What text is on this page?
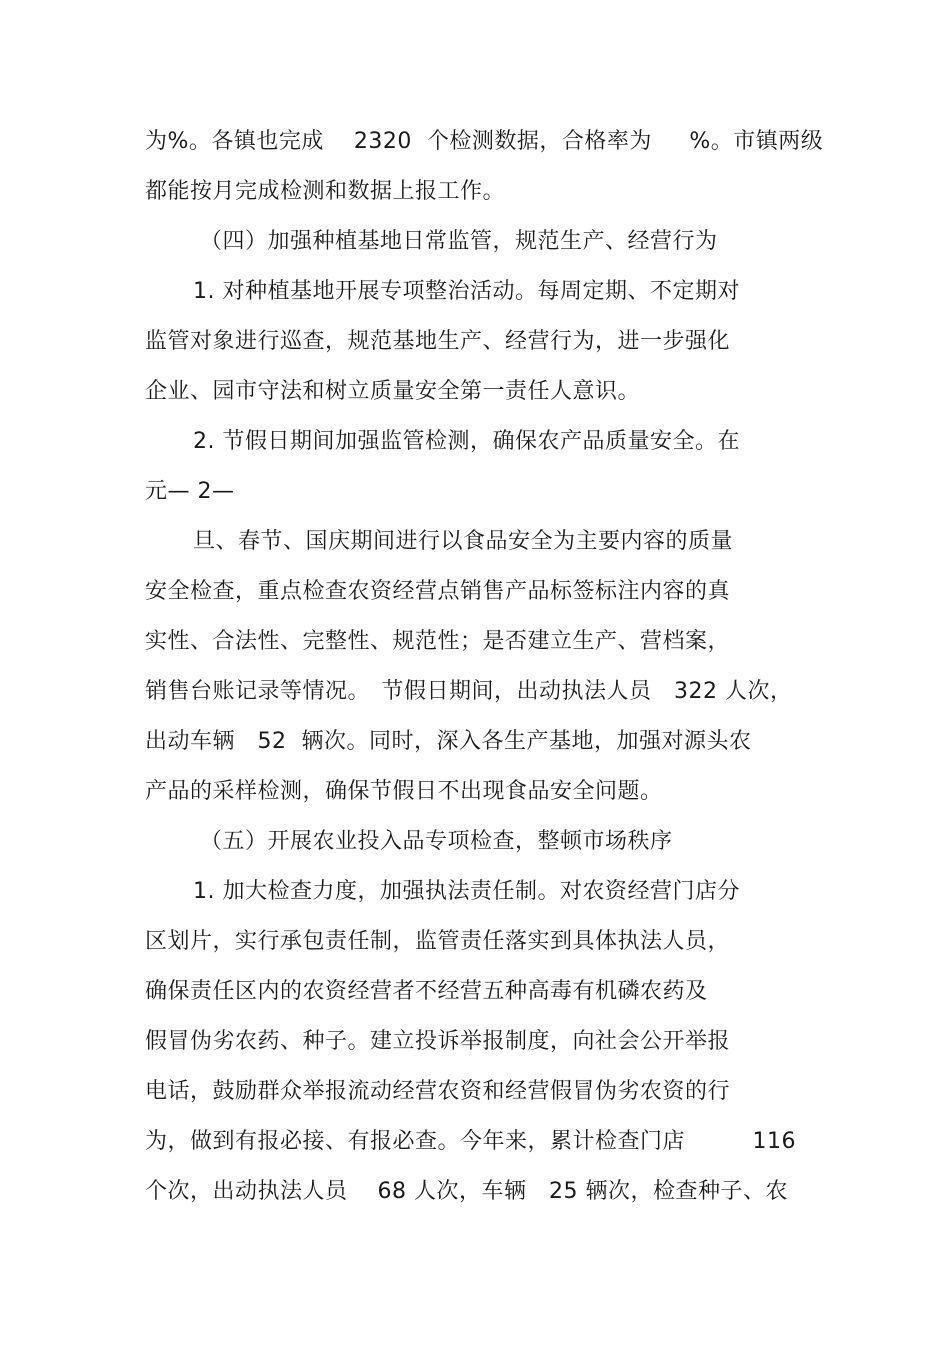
为%。各镇也完成　 2320  个检测数据，合格率为　  %。市镇两级
都能按月完成检测和数据上报工作。
（四）加强种植基地日常监管，规范生产、经营行为
1. 对种植基地开展专项整治活动。每周定期、不定期对
监管对象进行巡查，规范基地生产、经营行为，进一步强化
企业、园市守法和树立质量安全第一责任人意识。
2. 节假日期间加强监管检测，确保农产品质量安全。在
元— 2—
旦、春节、国庆期间进行以食品安全为主要内容的质量
安全检查，重点检查农资经营点销售产品标签标注内容的真
实性、合法性、完整性、规范性；是否建立生产、营档案，
销售台账记录等情况。　节假日期间，出动执法人员　322 人次，
出动车辆　52  辆次。同时，深入各生产基地，加强对源头农
产品的采样检测，确保节假日不出现食品安全问题。
（五）开展农业投入品专项检查，整顿市场秩序
1. 加大检查力度，加强执法责任制。对农资经营门店分
区划片，实行承包责任制，监管责任落实到具体执法人员，
确保责任区内的农资经营者不经营五种高毒有机磷农药及
假冒伪劣农药、种子。建立投诉举报制度，向社会公开举报
电话，鼓励群众举报流动经营农资和经营假冒伪劣农资的行
为，做到有报必接、有报必查。今年来，累计检查门店　　　116
个次，出动执法人员　 68 人次，车辆　25 辆次，检查种子、农
